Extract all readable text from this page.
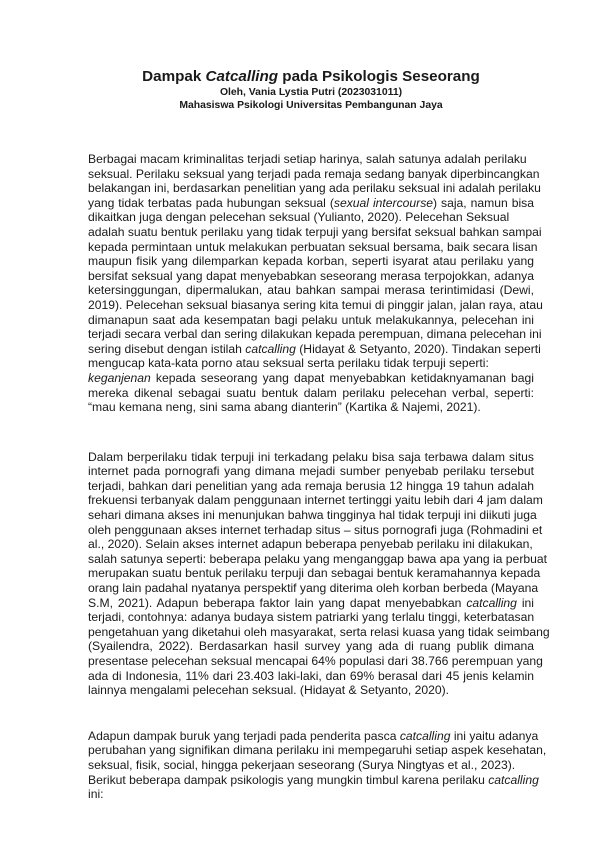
Dampak Catcalling pada Psikologis Seseorang

Oleh, Vania Lystia Putri (2023031011)

Mahasiswa Psikologi Universitas Pembangunan Jaya

Berbagai macam kriminalitas terjadi setiap harinya, salah satunya adalah perilaku
seksual. Perilaku seksual yang terjadi pada remaja sedang banyak diperbincangkan
belakangan ini, berdasarkan penelitian yang ada perilaku seksual ini adalah perilaku
yang tidak terbatas pada hubungan seksual (sexual intercourse) saja, namun bisa
dikaitkan juga dengan pelecehan seksual (Yulianto, 2020). Pelecehan Seksual
adalah suatu bentuk perilaku yang tidak terpuji yang bersifat seksual bahkan sampai
kepada permintaan untuk melakukan perbuatan seksual bersama, baik secara lisan
maupun fisik yang dilemparkan kepada korban, seperti isyarat atau perilaku yang
bersifat seksual yang dapat menyebabkan seseorang merasa terpojokkan, adanya
ketersinggungan, dipermalukan, atau bahkan sampai merasa terintimidasi (Dewi,
2019). Pelecehan seksual biasanya sering kita temui di pinggir jalan, jalan raya, atau
dimanapun saat ada kesempatan bagi pelaku untuk melakukannya, pelecehan ini
terjadi secara verbal dan sering dilakukan kepada perempuan, dimana pelecehan ini
sering disebut dengan istilah catcalling (Hidayat & Setyanto, 2020). Tindakan seperti
mengucap kata-kata porno atau seksual serta perilaku tidak terpuji seperti:
keganjenan kepada seseorang yang dapat menyebabkan ketidaknyamanan bagi
mereka dikenal sebagai suatu bentuk dalam perilaku pelecehan verbal, seperti:
“mau kemana neng, sini sama abang dianterin” (Kartika & Najemi, 2021).

Dalam berperilaku tidak terpuji ini terkadang pelaku bisa saja terbawa dalam situs
internet pada pornografi yang dimana mejadi sumber penyebab perilaku tersebut
terjadi, bahkan dari penelitian yang ada remaja berusia 12 hingga 19 tahun adalah
frekuensi terbanyak dalam penggunaan internet tertinggi yaitu lebih dari 4 jam dalam
sehari dimana akses ini menunjukan bahwa tingginya hal tidak terpuji ini diikuti juga
oleh penggunaan akses internet terhadap situs – situs pornografi juga (Rohmadini et
al., 2020). Selain akses internet adapun beberapa penyebab perilaku ini dilakukan,
salah satunya seperti: beberapa pelaku yang menganggap bawa apa yang ia perbuat
merupakan suatu bentuk perilaku terpuji dan sebagai bentuk keramahannya kepada
orang lain padahal nyatanya perspektif yang diterima oleh korban berbeda (Mayana
S.M, 2021). Adapun beberapa faktor lain yang dapat menyebabkan catcalling ini
terjadi, contohnya: adanya budaya sistem patriarki yang terlalu tinggi, keterbatasan
pengetahuan yang diketahui oleh masyarakat, serta relasi kuasa yang tidak seimbang
(Syailendra, 2022). Berdasarkan hasil survey yang ada di ruang publik dimana
presentase pelecehan seksual mencapai 64% populasi dari 38.766 perempuan yang
ada di Indonesia, 11% dari 23.403 laki-laki, dan 69% berasal dari 45 jenis kelamin
lainnya mengalami pelecehan seksual. (Hidayat & Setyanto, 2020).

Adapun dampak buruk yang terjadi pada penderita pasca catcalling ini yaitu adanya
perubahan yang signifikan dimana perilaku ini mempegaruhi setiap aspek kesehatan,
seksual, fisik, social, hingga pekerjaan seseorang (Surya Ningtyas et al., 2023).
Berikut beberapa dampak psikologis yang mungkin timbul karena perilaku catcalling
ini:
